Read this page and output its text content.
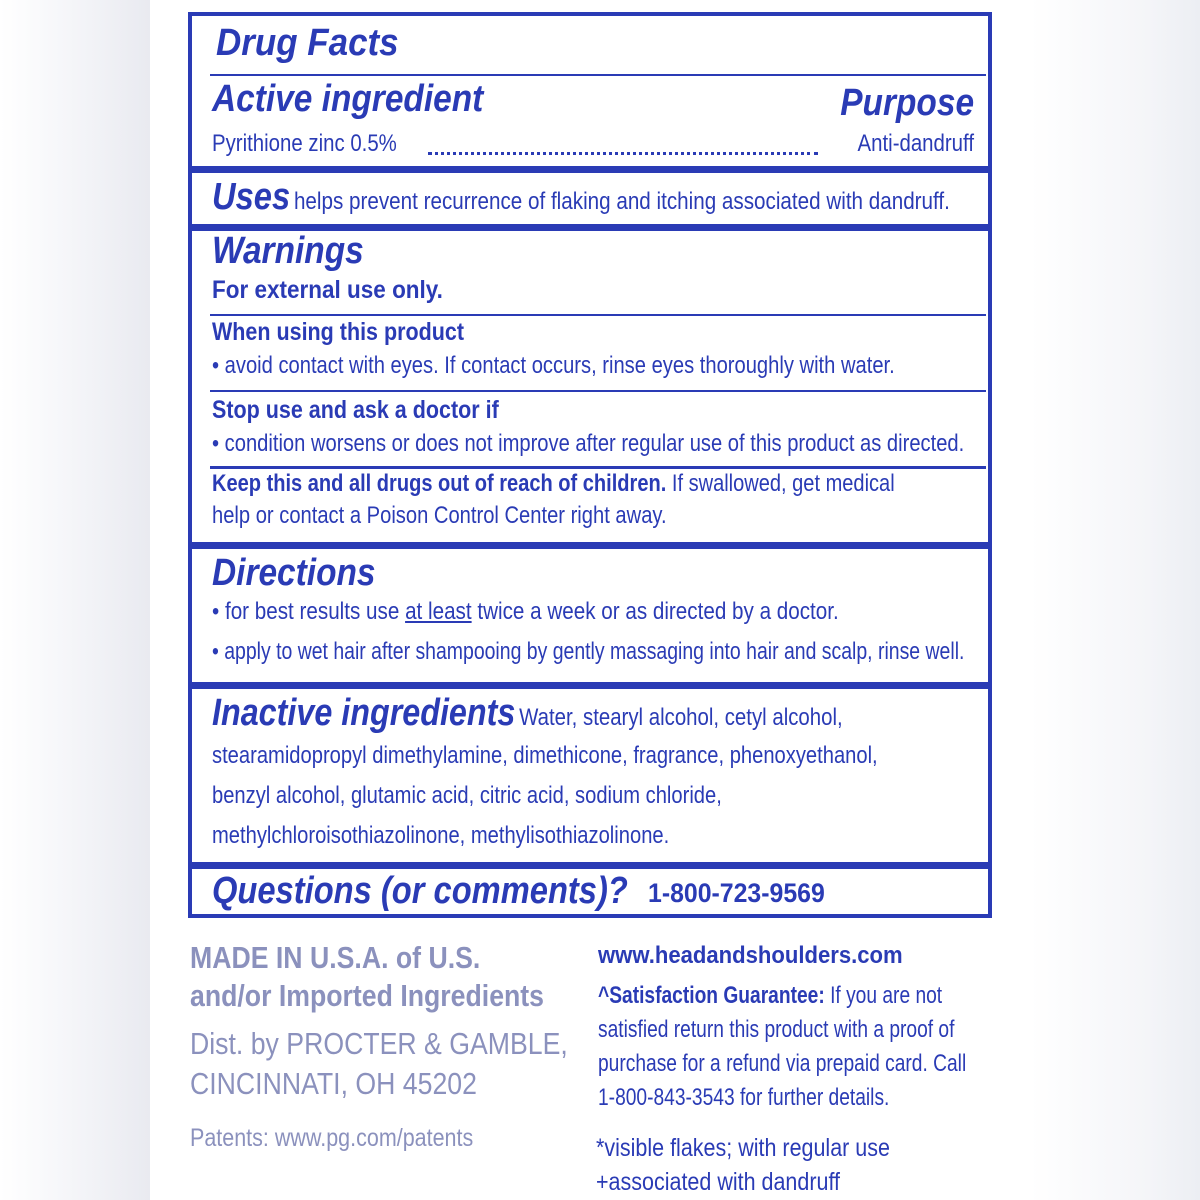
Drug Facts
Active ingredient	Purpose
Pyrithione zinc 0.5%	Anti-dandruff
Uses helps prevent recurrence of flaking and itching associated with dandruff.
Warnings
For external use only.
When using this product
• avoid contact with eyes. If contact occurs, rinse eyes thoroughly with water.
Stop use and ask a doctor if
• condition worsens or does not improve after regular use of this product as directed.
Keep this and all drugs out of reach of children. If swallowed, get medical
help or contact a Poison Control Center right away.
Directions
• for best results use at least twice a week or as directed by a doctor.
• apply to wet hair after shampooing by gently massaging into hair and scalp, rinse well.
Inactive ingredients Water, stearyl alcohol, cetyl alcohol,
stearamidopropyl dimethylamine, dimethicone, fragrance, phenoxyethanol,
benzyl alcohol, glutamic acid, citric acid, sodium chloride,
methylchloroisothiazolinone, methylisothiazolinone.
Questions (or comments)? 1-800-723-9569
MADE IN U.S.A. of U.S.
and/or Imported Ingredients
Dist. by PROCTER & GAMBLE,
CINCINNATI, OH 45202
Patents: www.pg.com/patents
www.headandshoulders.com
^Satisfaction Guarantee: If you are not
satisfied return this product with a proof of
purchase for a refund via prepaid card. Call
1-800-843-3543 for further details.
*visible flakes; with regular use
+associated with dandruff
